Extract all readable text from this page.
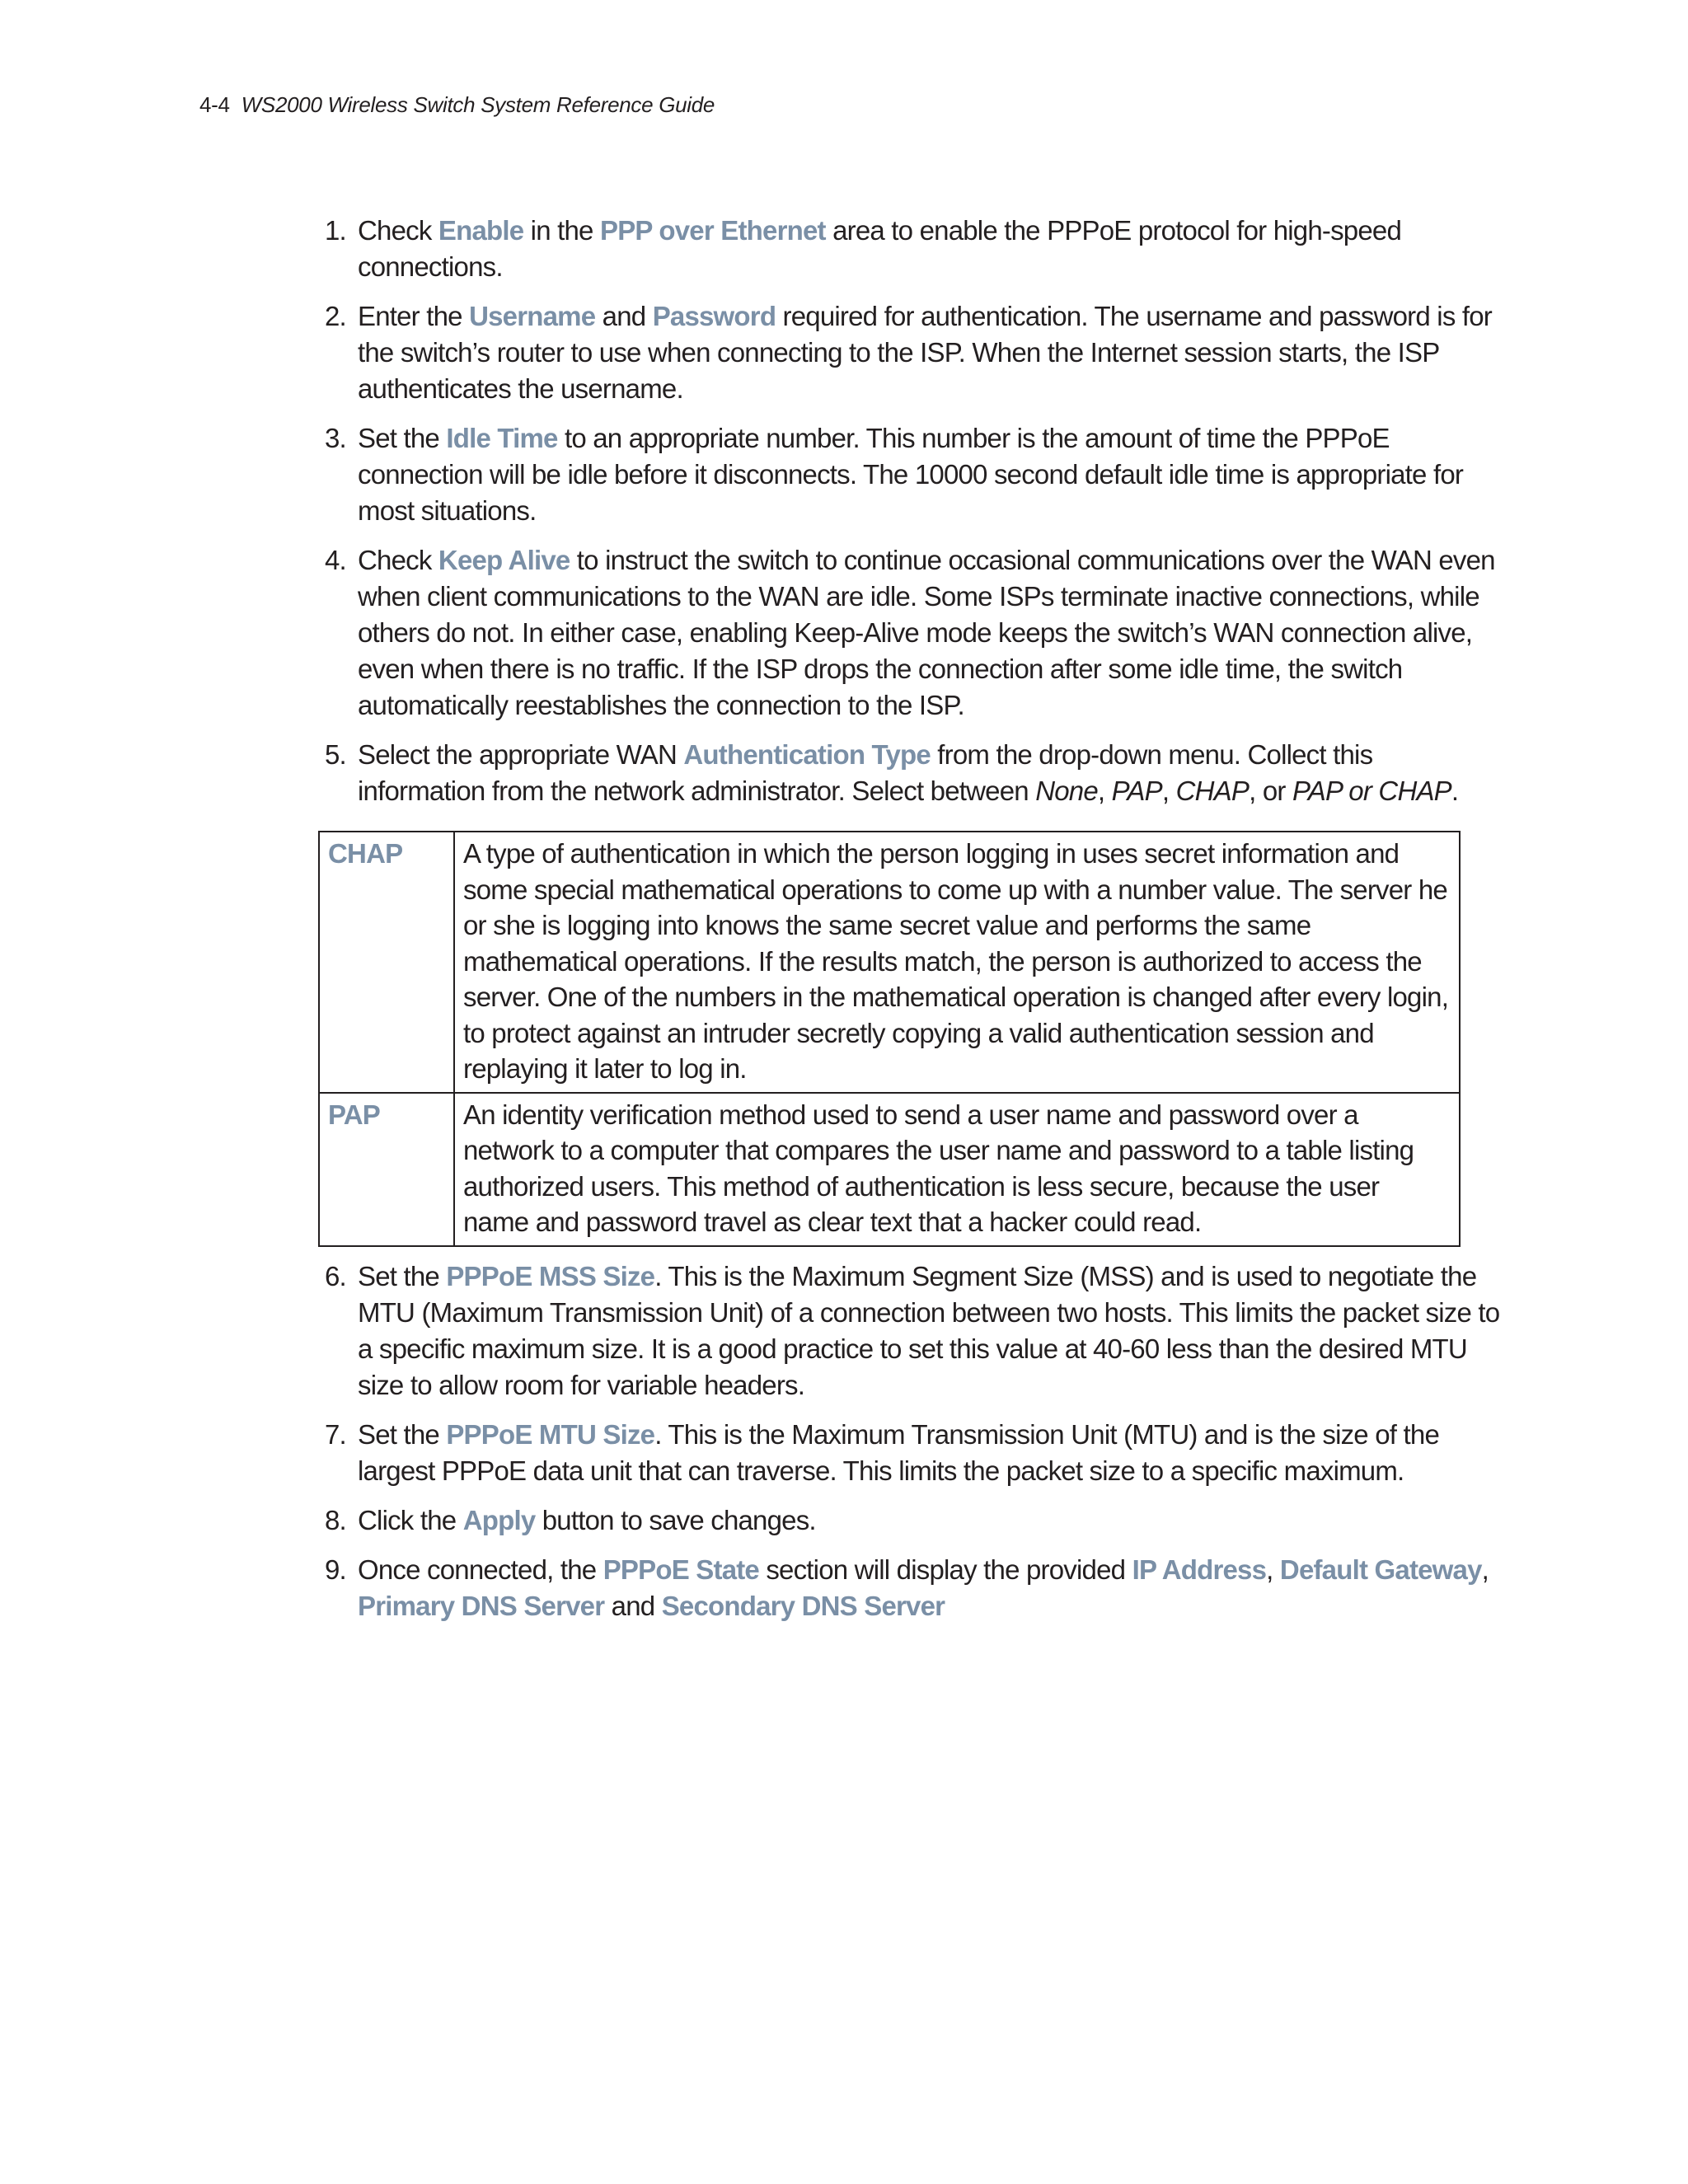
4-4 WS2000 Wireless Switch System Reference Guide
1. Check Enable in the PPP over Ethernet area to enable the PPPoE protocol for high-speed connections.
2. Enter the Username and Password required for authentication. The username and password is for the switch’s router to use when connecting to the ISP. When the Internet session starts, the ISP authenticates the username.
3. Set the Idle Time to an appropriate number. This number is the amount of time the PPPoE connection will be idle before it disconnects. The 10000 second default idle time is appropriate for most situations.
4. Check Keep Alive to instruct the switch to continue occasional communications over the WAN even when client communications to the WAN are idle. Some ISPs terminate inactive connections, while others do not. In either case, enabling Keep-Alive mode keeps the switch’s WAN connection alive, even when there is no traffic. If the ISP drops the connection after some idle time, the switch automatically reestablishes the connection to the ISP.
5. Select the appropriate WAN Authentication Type from the drop-down menu. Collect this information from the network administrator. Select between None, PAP, CHAP, or PAP or CHAP.
CHAP	A type of authentication in which the person logging in uses secret information and some special mathematical operations to come up with a number value. The server he or she is logging into knows the same secret value and performs the same mathematical operations. If the results match, the person is authorized to access the server. One of the numbers in the mathematical operation is changed after every login, to protect against an intruder secretly copying a valid authentication session and replaying it later to log in.
PAP	An identity verification method used to send a user name and password over a network to a computer that compares the user name and password to a table listing authorized users. This method of authentication is less secure, because the user name and password travel as clear text that a hacker could read.
6. Set the PPPoE MSS Size. This is the Maximum Segment Size (MSS) and is used to negotiate the MTU (Maximum Transmission Unit) of a connection between two hosts. This limits the packet size to a specific maximum size. It is a good practice to set this value at 40-60 less than the desired MTU size to allow room for variable headers.
7. Set the PPPoE MTU Size. This is the Maximum Transmission Unit (MTU) and is the size of the largest PPPoE data unit that can traverse. This limits the packet size to a specific maximum.
8. Click the Apply button to save changes.
9. Once connected, the PPPoE State section will display the provided IP Address, Default Gateway, Primary DNS Server and Secondary DNS Server
